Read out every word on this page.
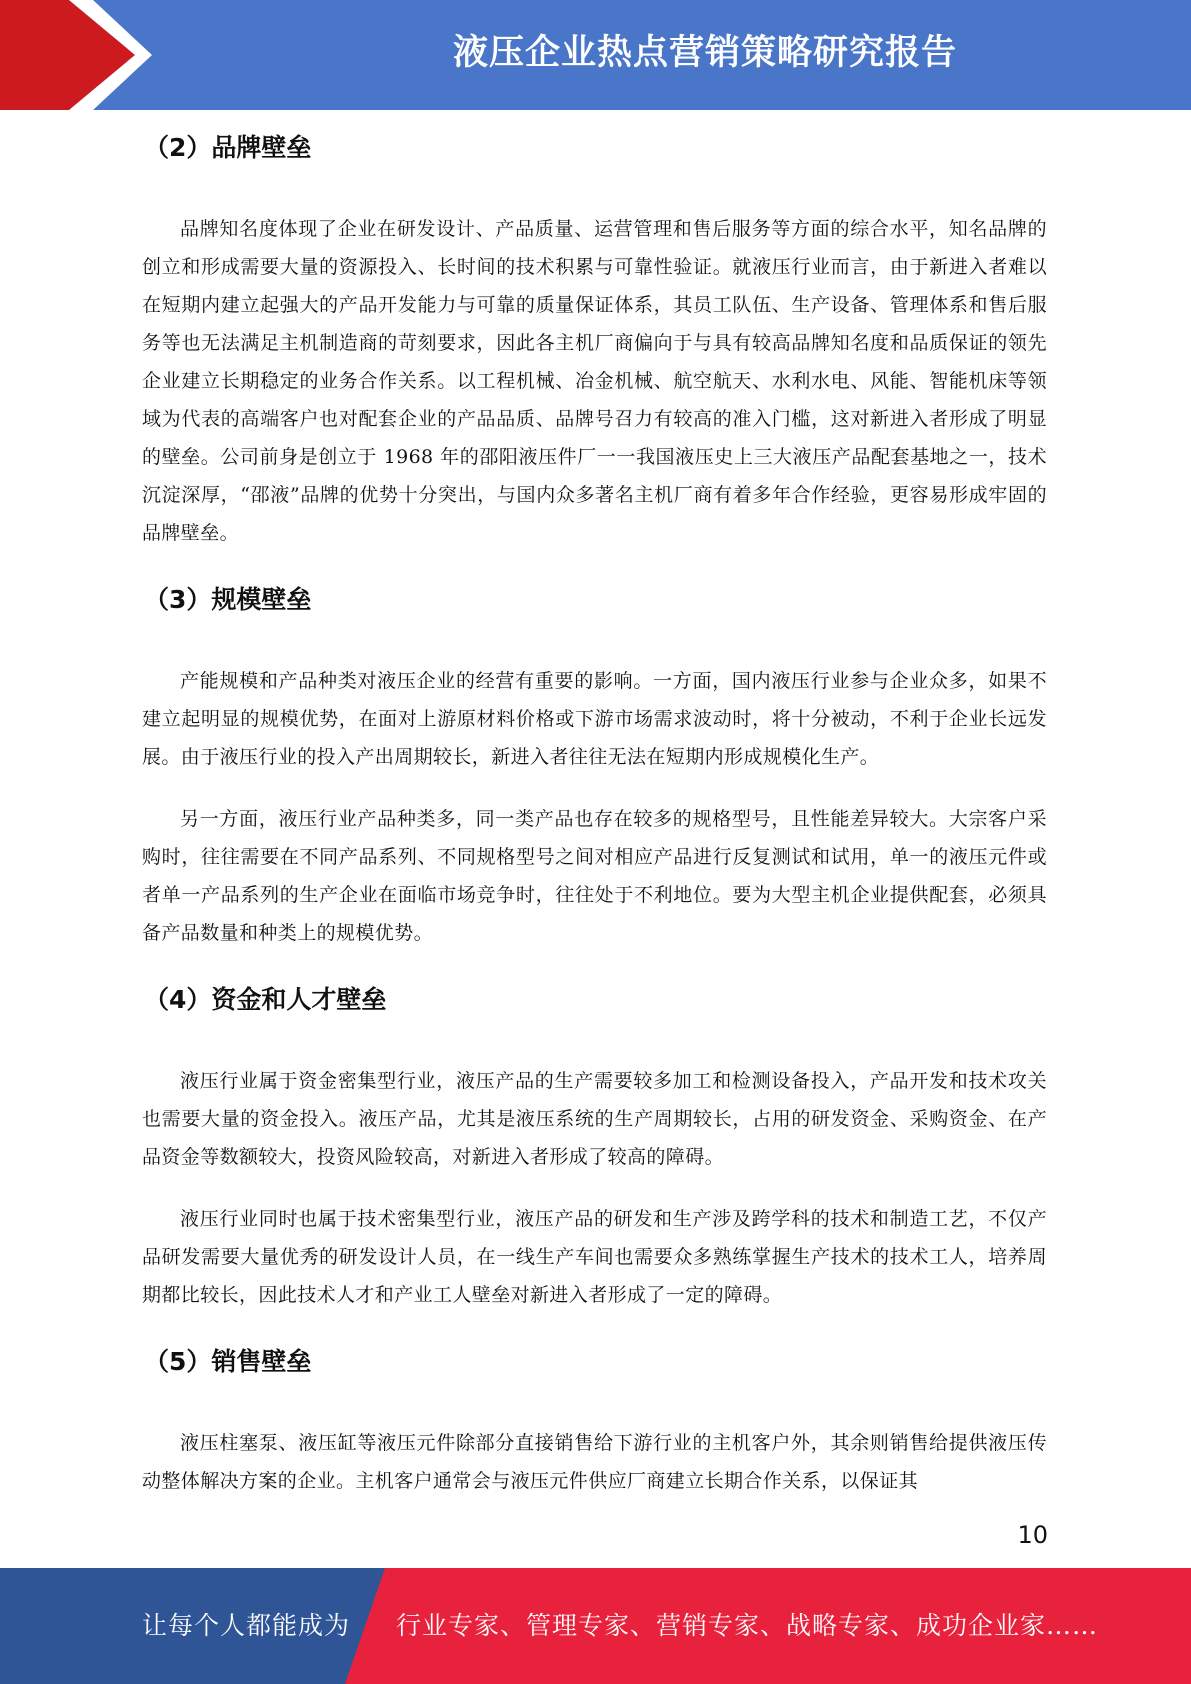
液压企业热点营销策略研究报告
（2）品牌壁垒

品牌知名度体现了企业在研发设计、产品质量、运营管理和售后服务等方面的综合水平，知名品牌的创立和形成需要大量的资源投入、长时间的技术积累与可靠性验证。就液压行业而言，由于新进入者难以在短期内建立起强大的产品开发能力与可靠的质量保证体系，其员工队伍、生产设备、管理体系和售后服务等也无法满足主机制造商的苛刻要求，因此各主机厂商偏向于与具有较高品牌知名度和品质保证的领先企业建立长期稳定的业务合作关系。以工程机械、冶金机械、航空航天、水利水电、风能、智能机床等领域为代表的高端客户也对配套企业的产品品质、品牌号召力有较高的准入门槛，这对新进入者形成了明显的壁垒。公司前身是创立于 1968 年的邵阳液压件厂一一我国液压史上三大液压产品配套基地之一，技术沉淀深厚，“邵液”品牌的优势十分突出，与国内众多著名主机厂商有着多年合作经验，更容易形成牢固的品牌壁垒。

（3）规模壁垒

产能规模和产品种类对液压企业的经营有重要的影响。一方面，国内液压行业参与企业众多，如果不建立起明显的规模优势，在面对上游原材料价格或下游市场需求波动时，将十分被动，不利于企业长远发展。由于液压行业的投入产出周期较长，新进入者往往无法在短期内形成规模化生产。

另一方面，液压行业产品种类多，同一类产品也存在较多的规格型号，且性能差异较大。大宗客户采购时，往往需要在不同产品系列、不同规格型号之间对相应产品进行反复测试和试用，单一的液压元件或者单一产品系列的生产企业在面临市场竞争时，往往处于不利地位。要为大型主机企业提供配套，必须具备产品数量和种类上的规模优势。

（4）资金和人才壁垒

液压行业属于资金密集型行业，液压产品的生产需要较多加工和检测设备投入，产品开发和技术攻关也需要大量的资金投入。液压产品，尤其是液压系统的生产周期较长，占用的研发资金、采购资金、在产品资金等数额较大，投资风险较高，对新进入者形成了较高的障碍。

液压行业同时也属于技术密集型行业，液压产品的研发和生产涉及跨学科的技术和制造工艺，不仅产品研发需要大量优秀的研发设计人员，在一线生产车间也需要众多熟练掌握生产技术的技术工人，培养周期都比较长，因此技术人才和产业工人壁垒对新进入者形成了一定的障碍。

（5）销售壁垒

液压柱塞泵、液压缸等液压元件除部分直接销售给下游行业的主机客户外，其余则销售给提供液压传动整体解决方案的企业。主机客户通常会与液压元件供应厂商建立长期合作关系，以保证其

10
让每个人都能成为 行业专家、管理专家、营销专家、战略专家、成功企业家……
